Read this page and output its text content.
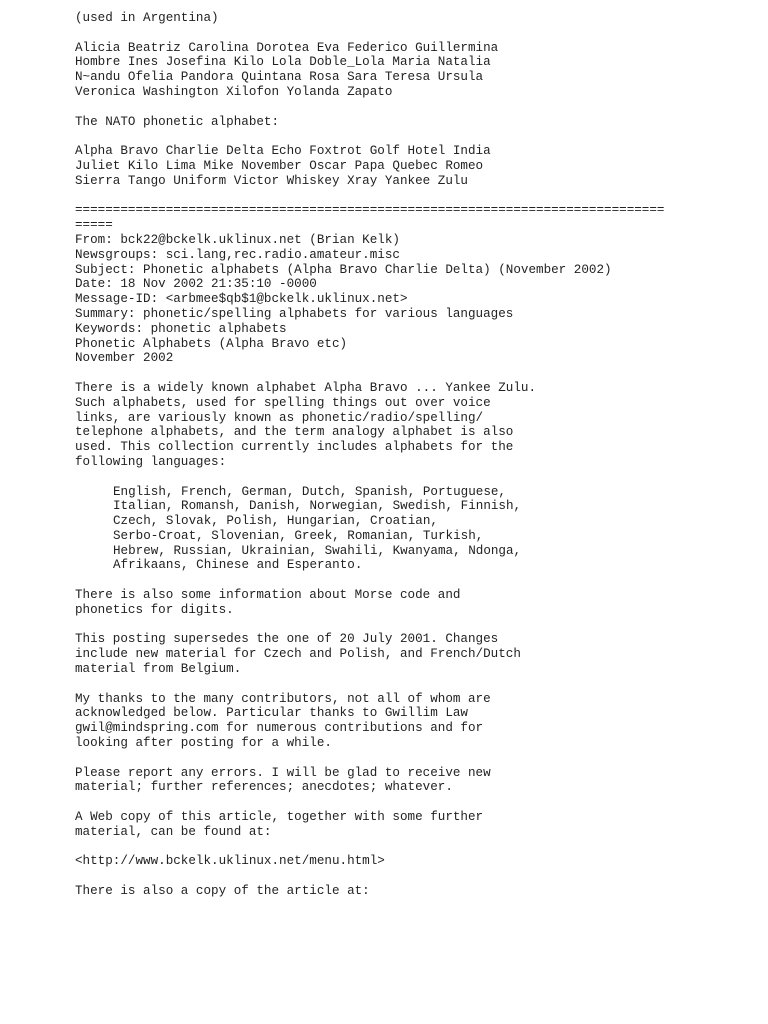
(used in Argentina)
Alicia Beatriz Carolina Dorotea Eva Federico Guillermina
Hombre Ines Josefina Kilo Lola Doble_Lola Maria Natalia
N~andu Ofelia Pandora Quintana Rosa Sara Teresa Ursula
Veronica Washington Xilofon Yolanda Zapato
The NATO phonetic alphabet:
Alpha Bravo Charlie Delta Echo Foxtrot Golf Hotel India
Juliet Kilo Lima Mike November Oscar Papa Quebec Romeo
Sierra Tango Uniform Victor Whiskey Xray Yankee Zulu
==============================================================================
=====
From: bck22@bckelk.uklinux.net (Brian Kelk)
Newsgroups: sci.lang,rec.radio.amateur.misc
Subject: Phonetic alphabets (Alpha Bravo Charlie Delta) (November 2002)
Date: 18 Nov 2002 21:35:10 -0000
Message-ID: <arbmee$qb$1@bckelk.uklinux.net>
Summary: phonetic/spelling alphabets for various languages
Keywords: phonetic alphabets
Phonetic Alphabets (Alpha Bravo etc)
November 2002
There is a widely known alphabet Alpha Bravo ... Yankee Zulu.
Such alphabets, used for spelling things out over voice
links, are variously known as phonetic/radio/spelling/
telephone alphabets, and the term analogy alphabet is also
used. This collection currently includes alphabets for the
following languages:
English, French, German, Dutch, Spanish, Portuguese,
Italian, Romansh, Danish, Norwegian, Swedish, Finnish,
Czech, Slovak, Polish, Hungarian, Croatian,
Serbo-Croat, Slovenian, Greek, Romanian, Turkish,
Hebrew, Russian, Ukrainian, Swahili, Kwanyama, Ndonga,
Afrikaans, Chinese and Esperanto.
There is also some information about Morse code and
phonetics for digits.
This posting supersedes the one of 20 July 2001. Changes
include new material for Czech and Polish, and French/Dutch
material from Belgium.
My thanks to the many contributors, not all of whom are
acknowledged below. Particular thanks to Gwillim Law
gwil@mindspring.com for numerous contributions and for
looking after posting for a while.
Please report any errors. I will be glad to receive new
material; further references; anecdotes; whatever.
A Web copy of this article, together with some further
material, can be found at:
<http://www.bckelk.uklinux.net/menu.html>
There is also a copy of the article at:
